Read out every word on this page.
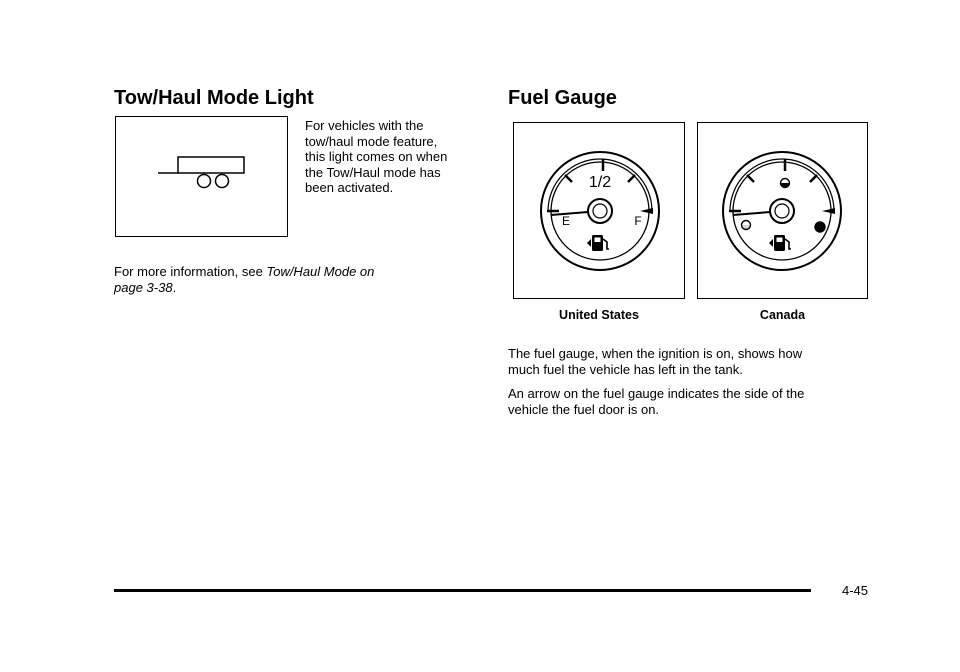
Tow/Haul Mode Light
For vehicles with the
tow/haul mode feature,
this light comes on when
the Tow/Haul mode has
been activated.
For more information, see Tow/Haul Mode on
page 3-38.
Fuel Gauge
1/2
E	F
United States	Canada
The fuel gauge, when the ignition is on, shows how
much fuel the vehicle has left in the tank.
An arrow on the fuel gauge indicates the side of the
vehicle the fuel door is on.
4-45
